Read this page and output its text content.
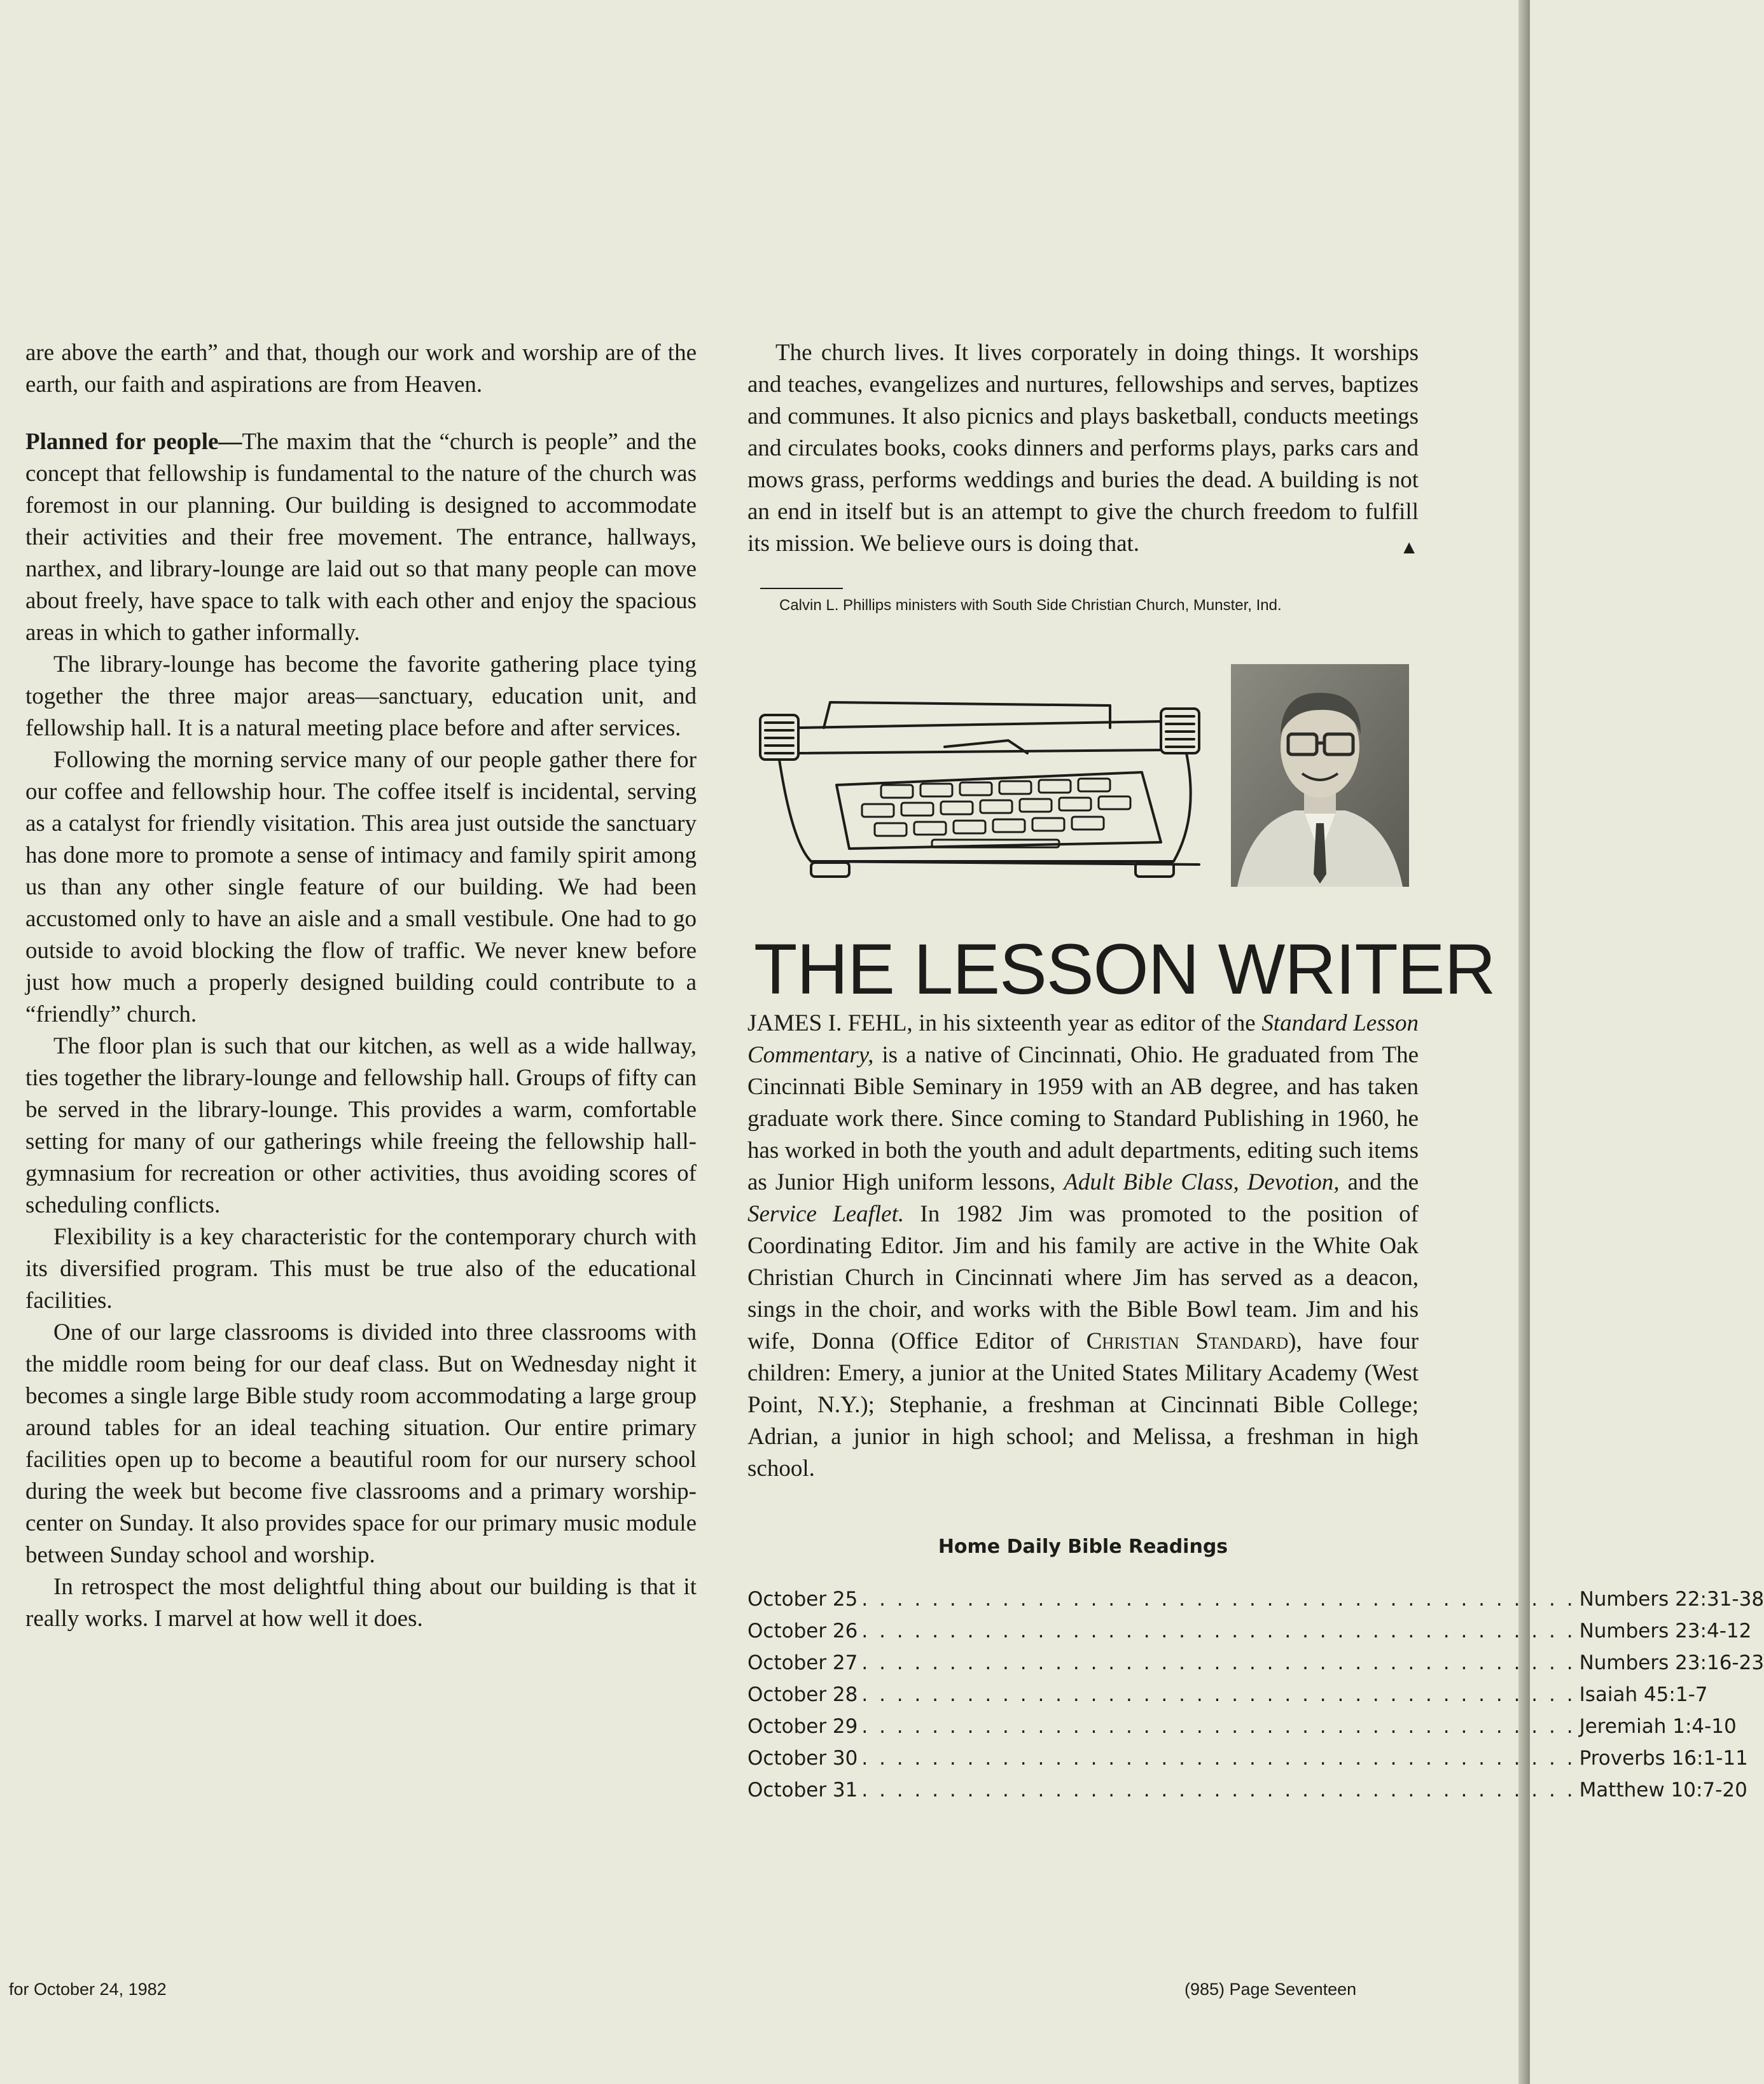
are above the earth” and that, though our work and worship are of the earth, our faith and aspirations are from Heaven.

Planned for people—The maxim that the “church is people” and the concept that fellowship is fundamental to the nature of the church was foremost in our planning. Our building is designed to accommodate their activities and their free movement. The entrance, hallways, narthex, and library-lounge are laid out so that many people can move about freely, have space to talk with each other and enjoy the spacious areas in which to gather informally.

The library-lounge has become the favorite gathering place tying together the three major areas—sanctuary, education unit, and fellowship hall. It is a natural meeting place before and after services.

Following the morning service many of our people gather there for our coffee and fellowship hour. The coffee itself is incidental, serving as a catalyst for friendly visitation. This area just outside the sanctuary has done more to promote a sense of intimacy and family spirit among us than any other single feature of our building. We had been accustomed only to have an aisle and a small vestibule. One had to go outside to avoid blocking the flow of traffic. We never knew before just how much a properly designed building could contribute to a “friendly” church.

The floor plan is such that our kitchen, as well as a wide hallway, ties together the library-lounge and fellowship hall. Groups of fifty can be served in the library-lounge. This provides a warm, comfortable setting for many of our gatherings while freeing the fellowship hall-gymnasium for recreation or other activities, thus avoiding scores of scheduling conflicts.

Flexibility is a key characteristic for the contemporary church with its diversified program. This must be true also of the educational facilities.

One of our large classrooms is divided into three classrooms with the middle room being for our deaf class. But on Wednesday night it becomes a single large Bible study room accommodating a large group around tables for an ideal teaching situation. Our entire primary facilities open up to become a beautiful room for our nursery school during the week but become five classrooms and a primary worship-center on Sunday. It also provides space for our primary music module between Sunday school and worship.

In retrospect the most delightful thing about our building is that it really works. I marvel at how well it does.

The church lives. It lives corporately in doing things. It worships and teaches, evangelizes and nurtures, fellowships and serves, baptizes and communes. It also picnics and plays basketball, conducts meetings and circulates books, cooks dinners and performs plays, parks cars and mows grass, performs weddings and buries the dead. A building is not an end in itself but is an attempt to give the church freedom to fulfill its mission. We believe ours is doing that.	▲

Calvin L. Phillips ministers with South Side Christian Church, Munster, Ind.
THE LESSON WRITER

JAMES I. FEHL, in his sixteenth year as editor of the Standard Lesson Commentary, is a native of Cincinnati, Ohio. He graduated from The Cincinnati Bible Seminary in 1959 with an AB degree, and has taken graduate work there. Since coming to Standard Publishing in 1960, he has worked in both the youth and adult departments, editing such items as Junior High uniform lessons, Adult Bible Class, Devotion, and the Service Leaflet. In 1982 Jim was promoted to the position of Coordinating Editor. Jim and his family are active in the White Oak Christian Church in Cincinnati where Jim has served as a deacon, sings in the choir, and works with the Bible Bowl team. Jim and his wife, Donna (Office Editor of Christian Standard), have four children: Emery, a junior at the United States Military Academy (West Point, N.Y.); Stephanie, a freshman at Cincinnati Bible College; Adrian, a junior in high school; and Melissa, a freshman in high school.

Home Daily Bible Readings
October 25 . . . . . . . . . . . . . . . . . . . . . . . . . . . . . . . . . . . . . . . . . Numbers 22:31-38
October 26 . . . . . . . . . . . . . . . . . . . . . . . . . . . . . . . . . . . . . . . . . Numbers 23:4-12
October 27 . . . . . . . . . . . . . . . . . . . . . . . . . . . . . . . . . . . . . . . . . Numbers 23:16-23
October 28 . . . . . . . . . . . . . . . . . . . . . . . . . . . . . . . . . . . . . . . . . Isaiah 45:1-7
October 29 . . . . . . . . . . . . . . . . . . . . . . . . . . . . . . . . . . . . . . . . . Jeremiah 1:4-10
October 30 . . . . . . . . . . . . . . . . . . . . . . . . . . . . . . . . . . . . . . . . . Proverbs 16:1-11
October 31 . . . . . . . . . . . . . . . . . . . . . . . . . . . . . . . . . . . . . . . . . Matthew 10:7-20
for October 24, 1982	(985) Page Seventeen
